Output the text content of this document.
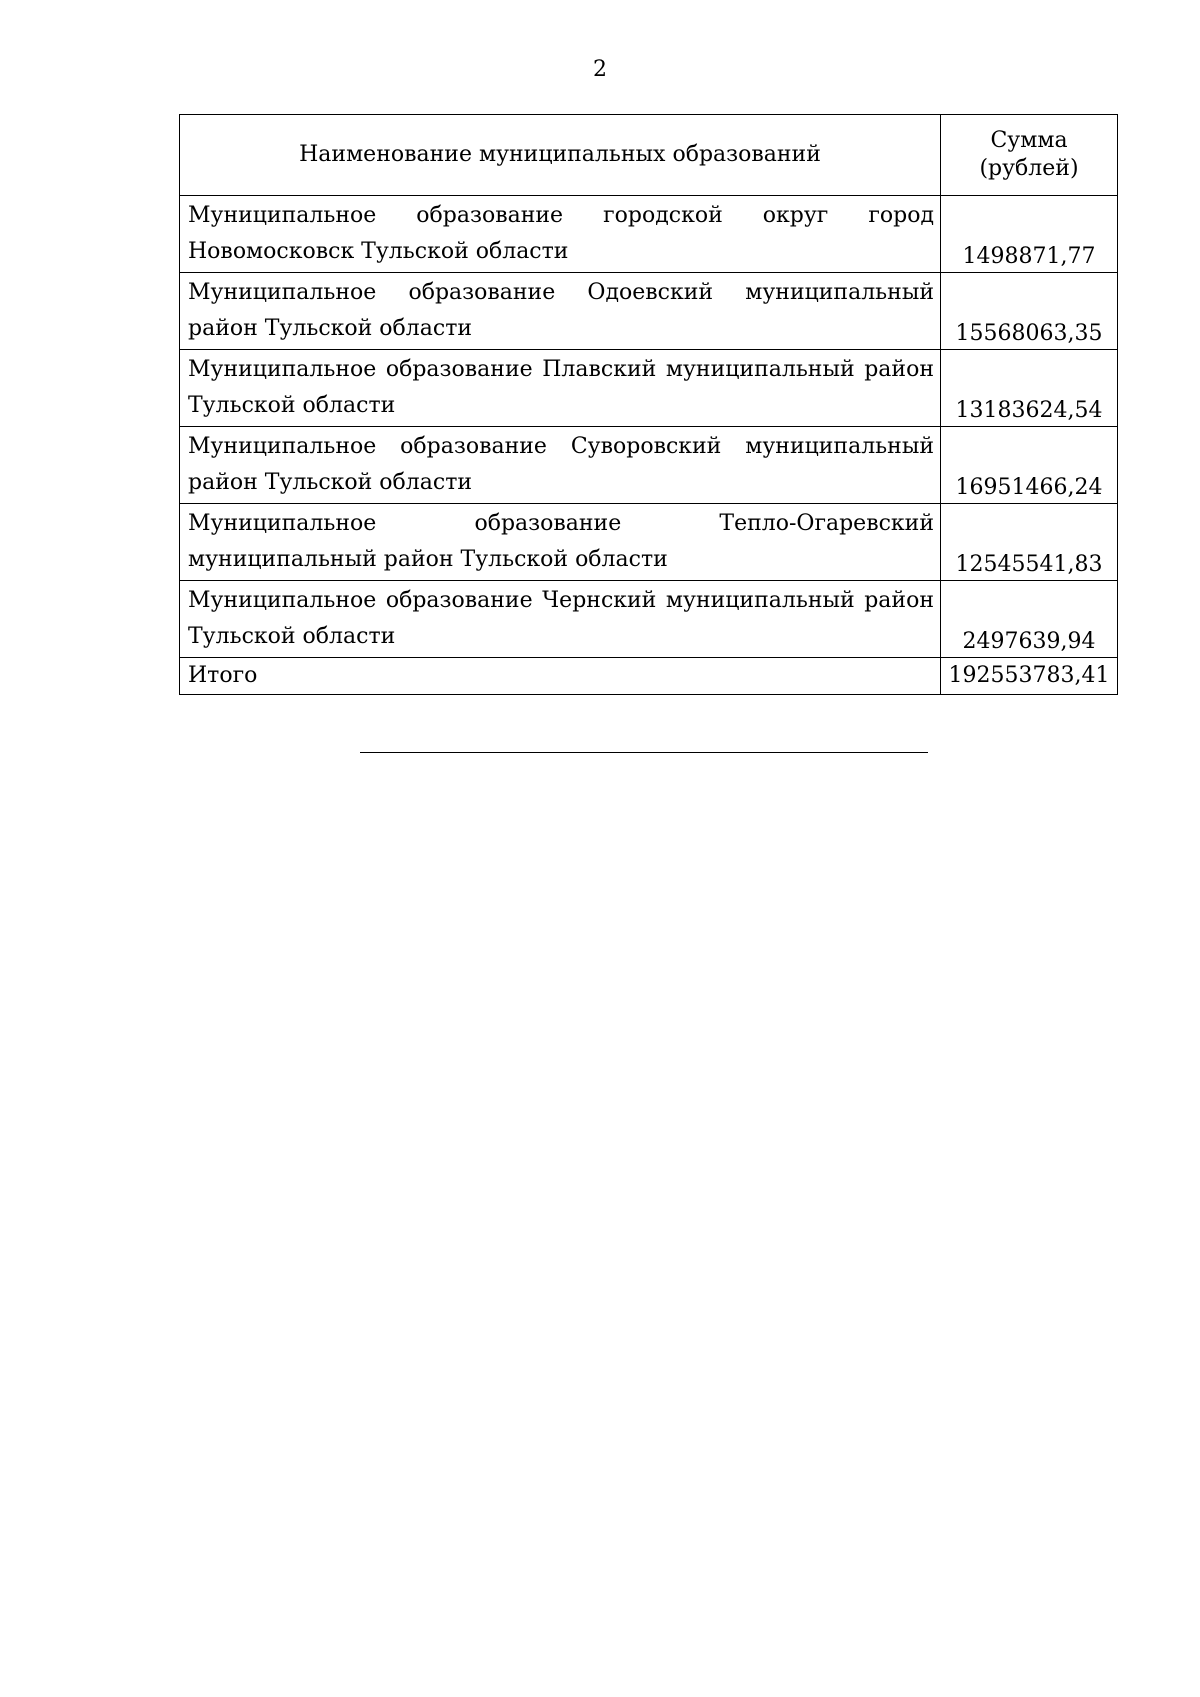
2
Наименование муниципальных образований	Сумма
(рублей)
Муниципальное образование городской округ город Новомосковск Тульской области	1498871,77
Муниципальное образование Одоевский муниципальный район Тульской области	15568063,35
Муниципальное образование Плавский муниципальный район Тульской области	13183624,54
Муниципальное образование Суворовский муниципальный район Тульской области	16951466,24
Муниципальное образование Тепло-Огаревский муниципальный район Тульской области	12545541,83
Муниципальное образование Чернский муниципальный район Тульской области	2497639,94
Итого	192553783,41
